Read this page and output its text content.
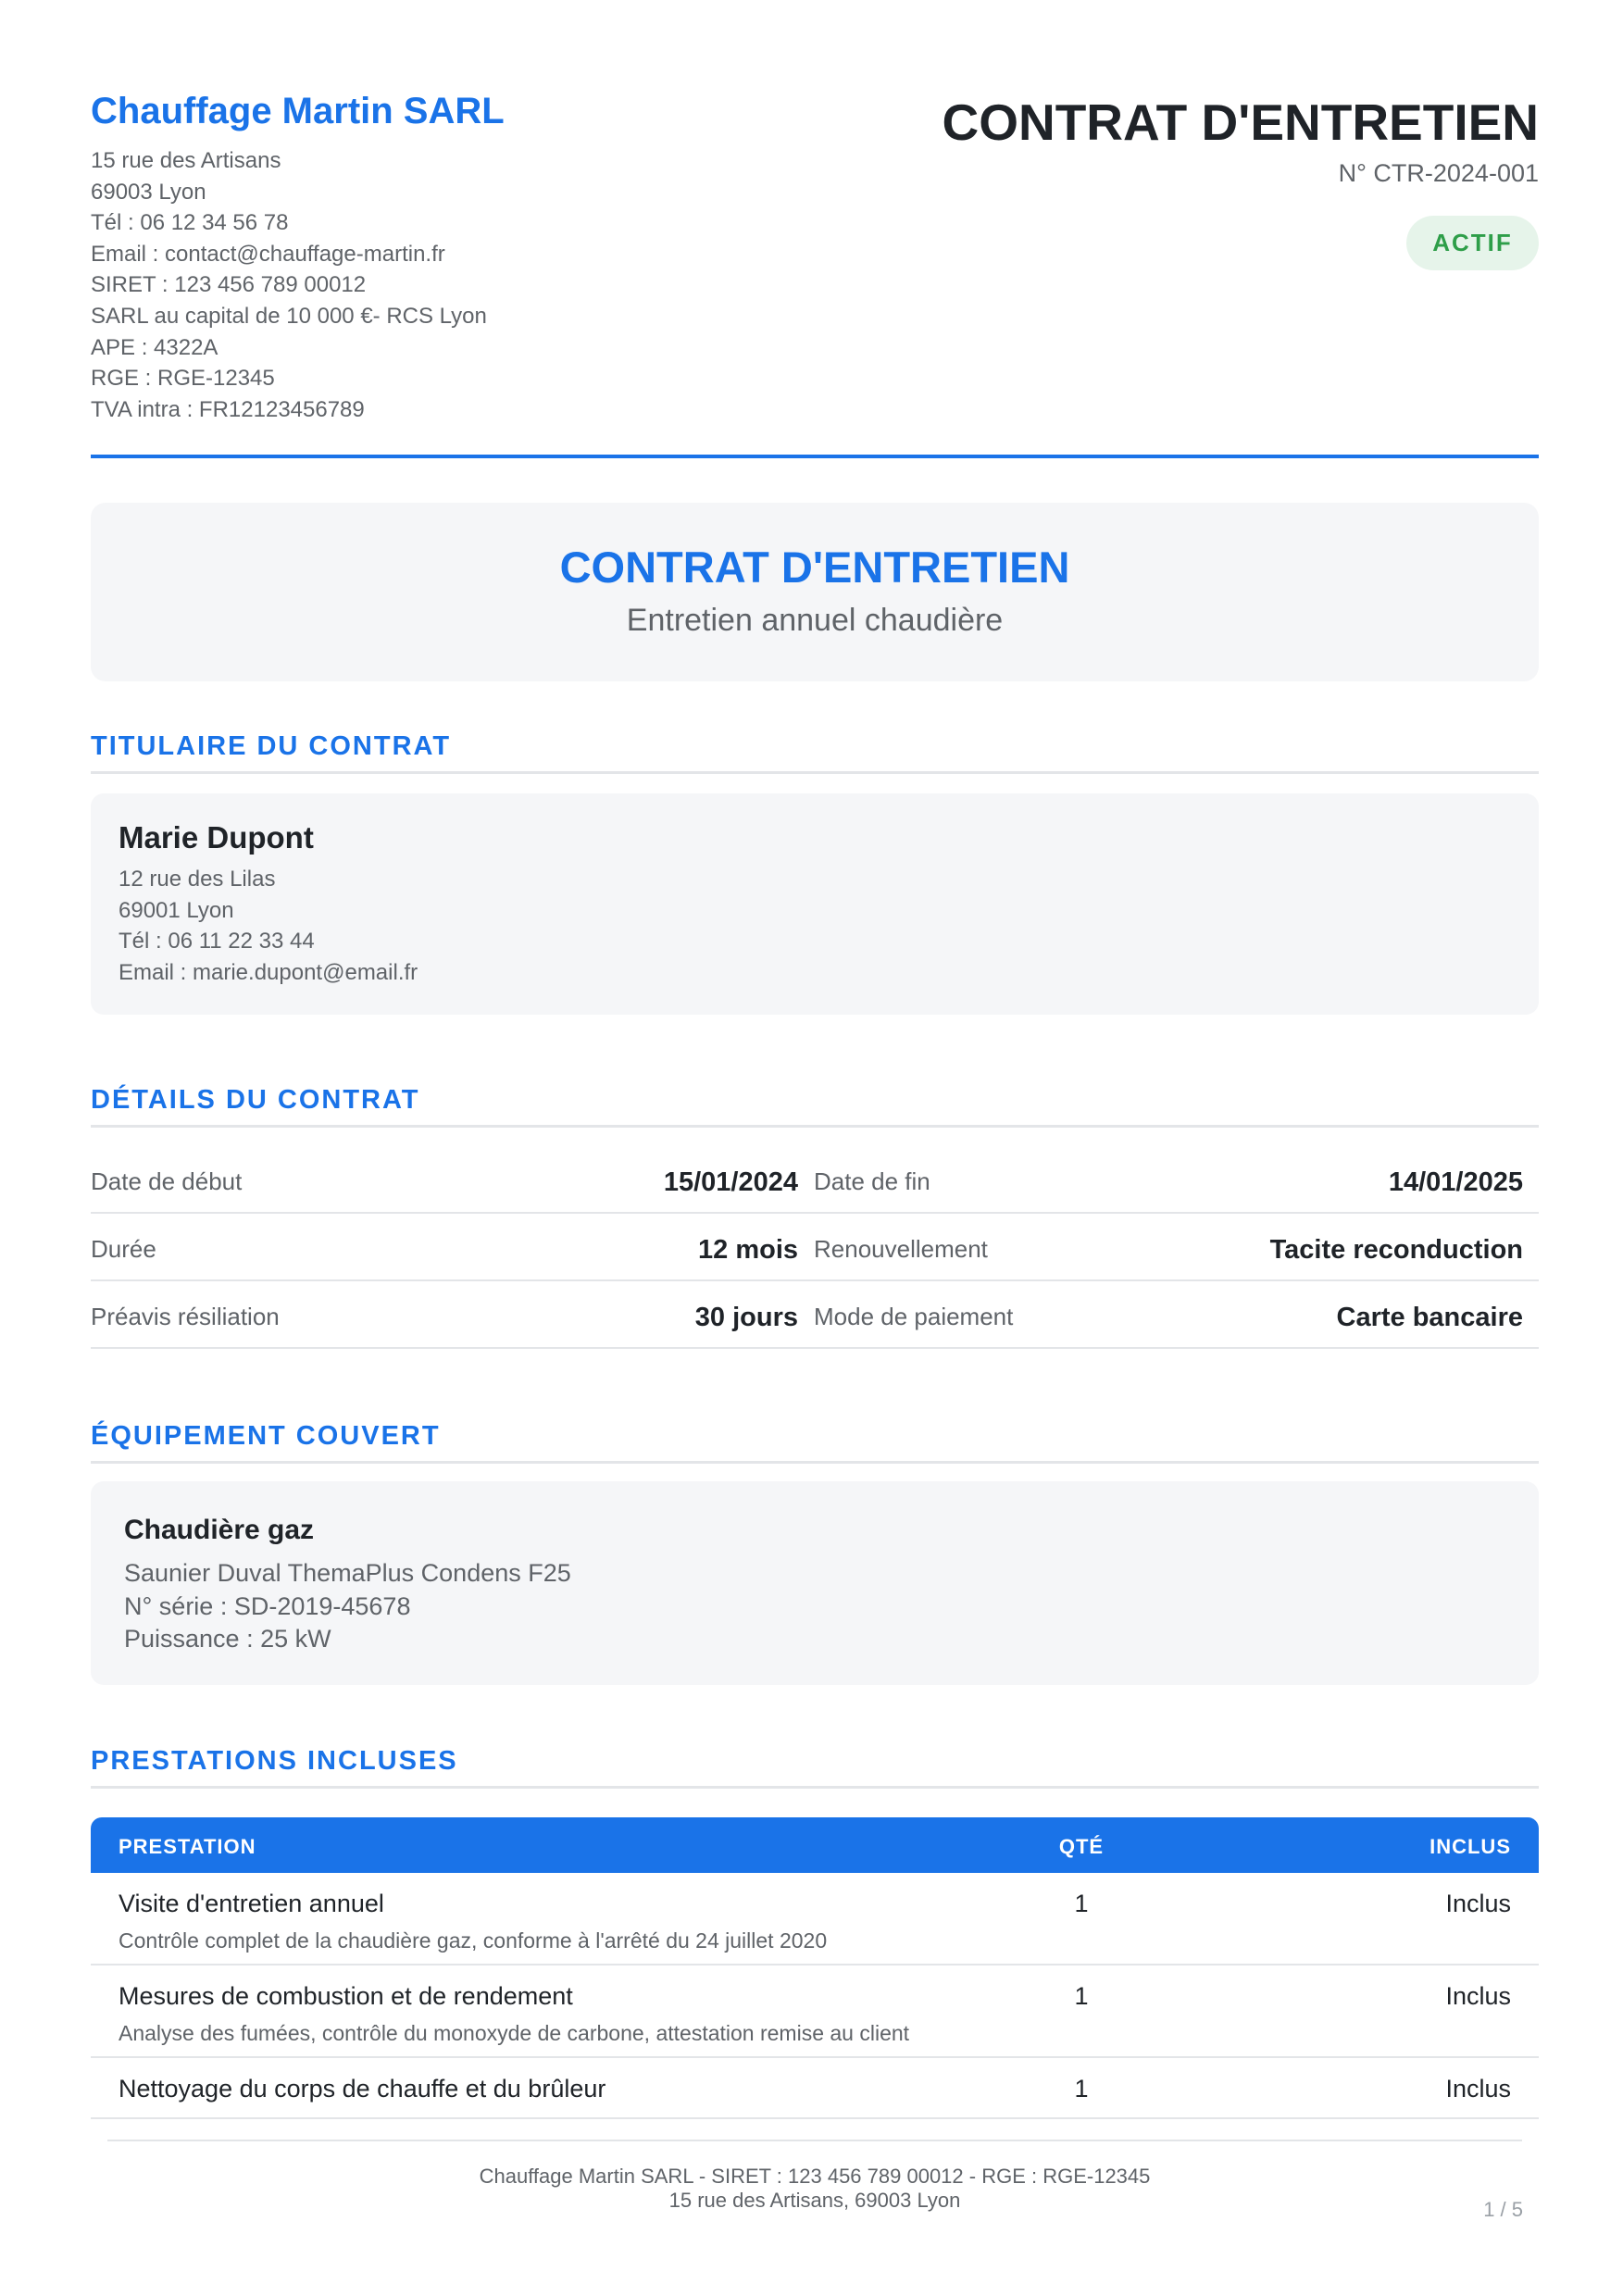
Chauffage Martin SARL
15 rue des Artisans
69003 Lyon
Tél : 06 12 34 56 78
Email : contact@chauffage-martin.fr
SIRET : 123 456 789 00012
SARL au capital de 10 000 €- RCS Lyon
APE : 4322A
RGE : RGE-12345
TVA intra : FR12123456789
CONTRAT D'ENTRETIEN
N° CTR-2024-001
ACTIF
CONTRAT D'ENTRETIEN
Entretien annuel chaudière
TITULAIRE DU CONTRAT
Marie Dupont
12 rue des Lilas
69001 Lyon
Tél : 06 11 22 33 44
Email : marie.dupont@email.fr
DÉTAILS DU CONTRAT
Date de début	15/01/2024 Date de fin	14/01/2025
Durée	12 mois Renouvellement	Tacite reconduction
Préavis résiliation	30 jours Mode de paiement	Carte bancaire
ÉQUIPEMENT COUVERT
Chaudière gaz
Saunier Duval ThemaPlus Condens F25
N° série : SD-2019-45678
Puissance : 25 kW
PRESTATIONS INCLUSES
PRESTATION	QTÉ	INCLUS
Visite d'entretien annuel
Contrôle complet de la chaudière gaz, conforme à l'arrêté du 24 juillet 2020
1	Inclus
Mesures de combustion et de rendement
Analyse des fumées, contrôle du monoxyde de carbone, attestation remise au client
1	Inclus
Nettoyage du corps de chauffe et du brûleur	1	Inclus
Chauffage Martin SARL - SIRET : 123 456 789 00012 - RGE : RGE-12345
15 rue des Artisans, 69003 Lyon	1 / 5
